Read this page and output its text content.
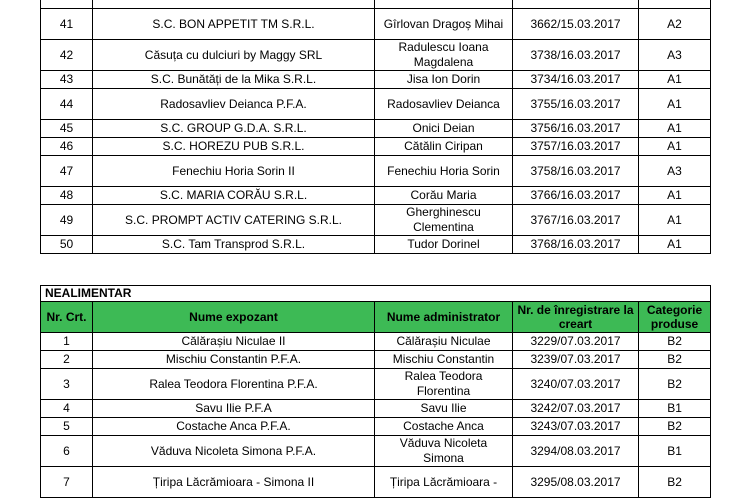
41	S.C. BON APPETIT TM S.R.L.	Gîrlovan Dragoș Mihai	3662/15.03.2017	A2
42	Căsuța cu dulciuri by Maggy SRL	Radulescu Ioana Magdalena	3738/16.03.2017	A3
43	S.C. Bunătăți de la Mika S.R.L.	Jisa Ion Dorin	3734/16.03.2017	A1
44	Radosavliev Deianca P.F.A.	Radosavliev Deianca	3755/16.03.2017	A1
45	S.C. GROUP G.D.A. S.R.L.	Onici Deian	3756/16.03.2017	A1
46	S.C. HOREZU PUB S.R.L.	Cătălin Ciripan	3757/16.03.2017	A1
47	Fenechiu Horia Sorin II	Fenechiu Horia Sorin	3758/16.03.2017	A3
48	S.C. MARIA CORĂU S.R.L.	Corău Maria	3766/16.03.2017	A1
49	S.C. PROMPT ACTIV CATERING S.R.L.	Gherghinescu Clementina	3767/16.03.2017	A1
50	S.C. Tam Transprod S.R.L.	Tudor Dorinel	3768/16.03.2017	A1
NEALIMENTAR				
Nr. Crt.	Nume expozant	Nume administrator	Nr. de înregistrare la creart	Categorie produse
1	Călărașiu Niculae II	Călărașiu Niculae	3229/07.03.2017	B2
2	Mischiu Constantin P.F.A.	Mischiu Constantin	3239/07.03.2017	B2
3	Ralea Teodora Florentina P.F.A.	Ralea Teodora Florentina	3240/07.03.2017	B2
4	Savu Ilie P.F.A	Savu Ilie	3242/07.03.2017	B1
5	Costache Anca P.F.A.	Costache Anca	3243/07.03.2017	B2
6	Văduva Nicoleta Simona P.F.A.	Văduva Nicoleta Simona	3294/08.03.2017	B1
7	Țiripa Lăcrămioara - Simona II	Țiripa Lăcrămioara -	3295/08.03.2017	B2
